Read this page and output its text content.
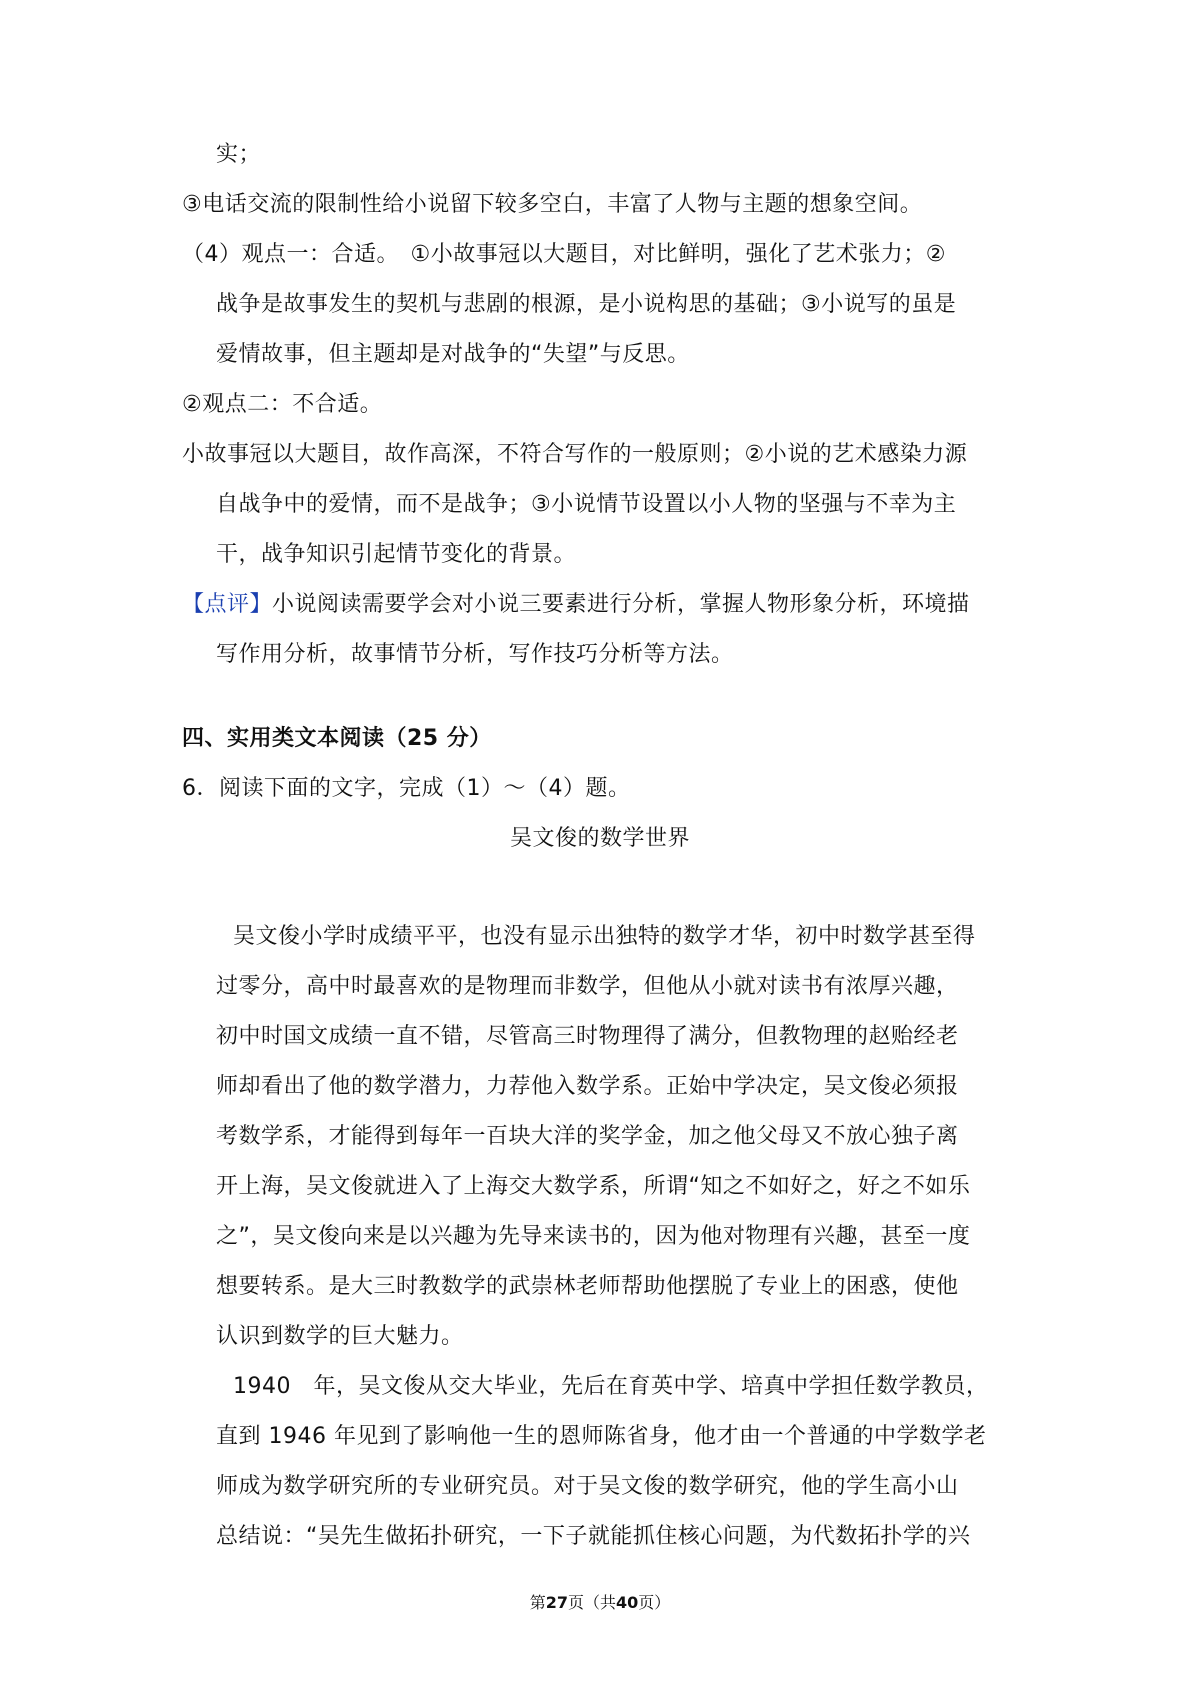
实；
③电话交流的限制性给小说留下较多空白，丰富了人物与主题的想象空间。
（4）观点一：合适。　①小故事冠以大题目，对比鲜明，强化了艺术张力；②
战争是故事发生的契机与悲剧的根源，是小说构思的基础；③小说写的虽是
爱情故事，但主题却是对战争的“失望”与反思。
②观点二：不合适。
小故事冠以大题目，故作高深，不符合写作的一般原则；②小说的艺术感染力源
自战争中的爱情，而不是战争；③小说情节设置以小人物的坚强与不幸为主
干，战争知识引起情节变化的背景。
【点评】小说阅读需要学会对小说三要素进行分析，掌握人物形象分析，环境描
写作用分析，故事情节分析，写作技巧分析等方法。
四、实用类文本阅读（25 分）
6．阅读下面的文字，完成（1）～（4）题。
吴文俊的数学世界
吴文俊小学时成绩平平，也没有显示出独特的数学才华，初中时数学甚至得
过零分，高中时最喜欢的是物理而非数学，但他从小就对读书有浓厚兴趣，
初中时国文成绩一直不错，尽管高三时物理得了满分，但教物理的赵贻经老
师却看出了他的数学潜力，力荐他入数学系。正始中学决定，吴文俊必须报
考数学系，才能得到每年一百块大洋的奖学金，加之他父母又不放心独子离
开上海，吴文俊就进入了上海交大数学系，所谓“知之不如好之，好之不如乐
之”，吴文俊向来是以兴趣为先导来读书的，因为他对物理有兴趣，甚至一度
想要转系。是大三时教数学的武崇林老师帮助他摆脱了专业上的困惑，使他
认识到数学的巨大魅力。
1940　年，吴文俊从交大毕业，先后在育英中学、培真中学担任数学教员，
直到 1946 年见到了影响他一生的恩师陈省身，他才由一个普通的中学数学老
师成为数学研究所的专业研究员。对于吴文俊的数学研究，他的学生高小山
总结说：“吴先生做拓扑研究，一下子就能抓住核心问题，为代数拓扑学的兴
第27页（共40页）
